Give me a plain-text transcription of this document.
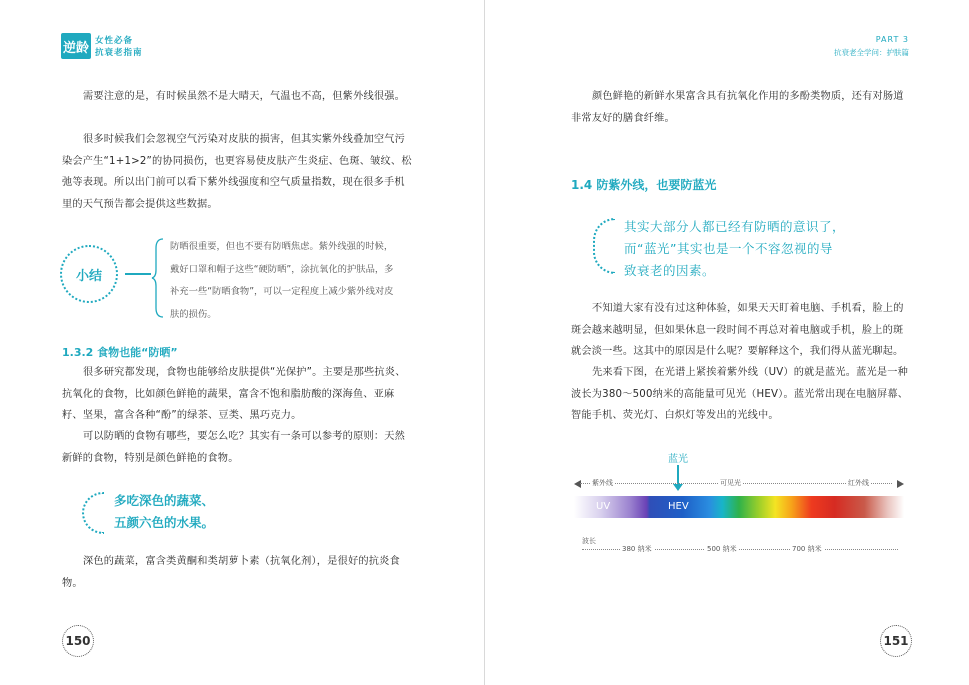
逆龄 女性必备
抗衰老指南

需要注意的是，有时候虽然不是大晴天，气温也不高，但紫外线很强。

很多时候我们会忽视空气污染对皮肤的损害，但其实紫外线叠加空气污染会产生“1+1>2”的协同损伤，也更容易使皮肤产生炎症、色斑、皱纹、松弛等表现。所以出门前可以看下紫外线强度和空气质量指数，现在很多手机里的天气预告都会提供这些数据。

小结

防晒很重要，但也不要有防晒焦虑。紫外线强的时候，戴好口罩和帽子这些“硬防晒”，涂抗氧化的护肤品，多补充一些“防晒食物”，可以一定程度上减少紫外线对皮肤的损伤。

1.3.2 食物也能“防晒”

很多研究都发现，食物也能够给皮肤提供“光保护”。主要是那些抗炎、抗氧化的食物，比如颜色鲜艳的蔬果，富含不饱和脂肪酸的深海鱼、亚麻籽、坚果，富含各种“酚”的绿茶、豆类、黑巧克力。

可以防晒的食物有哪些，要怎么吃？其实有一条可以参考的原则：天然新鲜的食物，特别是颜色鲜艳的食物。

多吃深色的蔬菜、

五颜六色的水果。

深色的蔬菜，富含类黄酮和类胡萝卜素（抗氧化剂），是很好的抗炎食物。

150
PART 3
抗衰老全学问：护肤篇

颜色鲜艳的新鲜水果富含具有抗氧化作用的多酚类物质，还有对肠道非常友好的膳食纤维。

1.4 防紫外线，也要防蓝光

其实大部分人都已经有防晒的意识了，

而“蓝光”其实也是一个不容忽视的导

致衰老的因素。

不知道大家有没有过这种体验，如果天天盯着电脑、手机看，脸上的斑会越来越明显，但如果休息一段时间不再总对着电脑或手机，脸上的斑就会淡一些。这其中的原因是什么呢？要解释这个，我们得从蓝光聊起。

先来看下图，在光谱上紧挨着紫外线（UV）的就是蓝光。蓝光是一种波长为380～500纳米的高能量可见光（HEV）。蓝光常出现在电脑屏幕、智能手机、荧光灯、白炽灯等发出的光线中。

蓝光
紫外线	可见光	红外线
UV	HEV
波长
380 纳米	500 纳米	700 纳米
151
